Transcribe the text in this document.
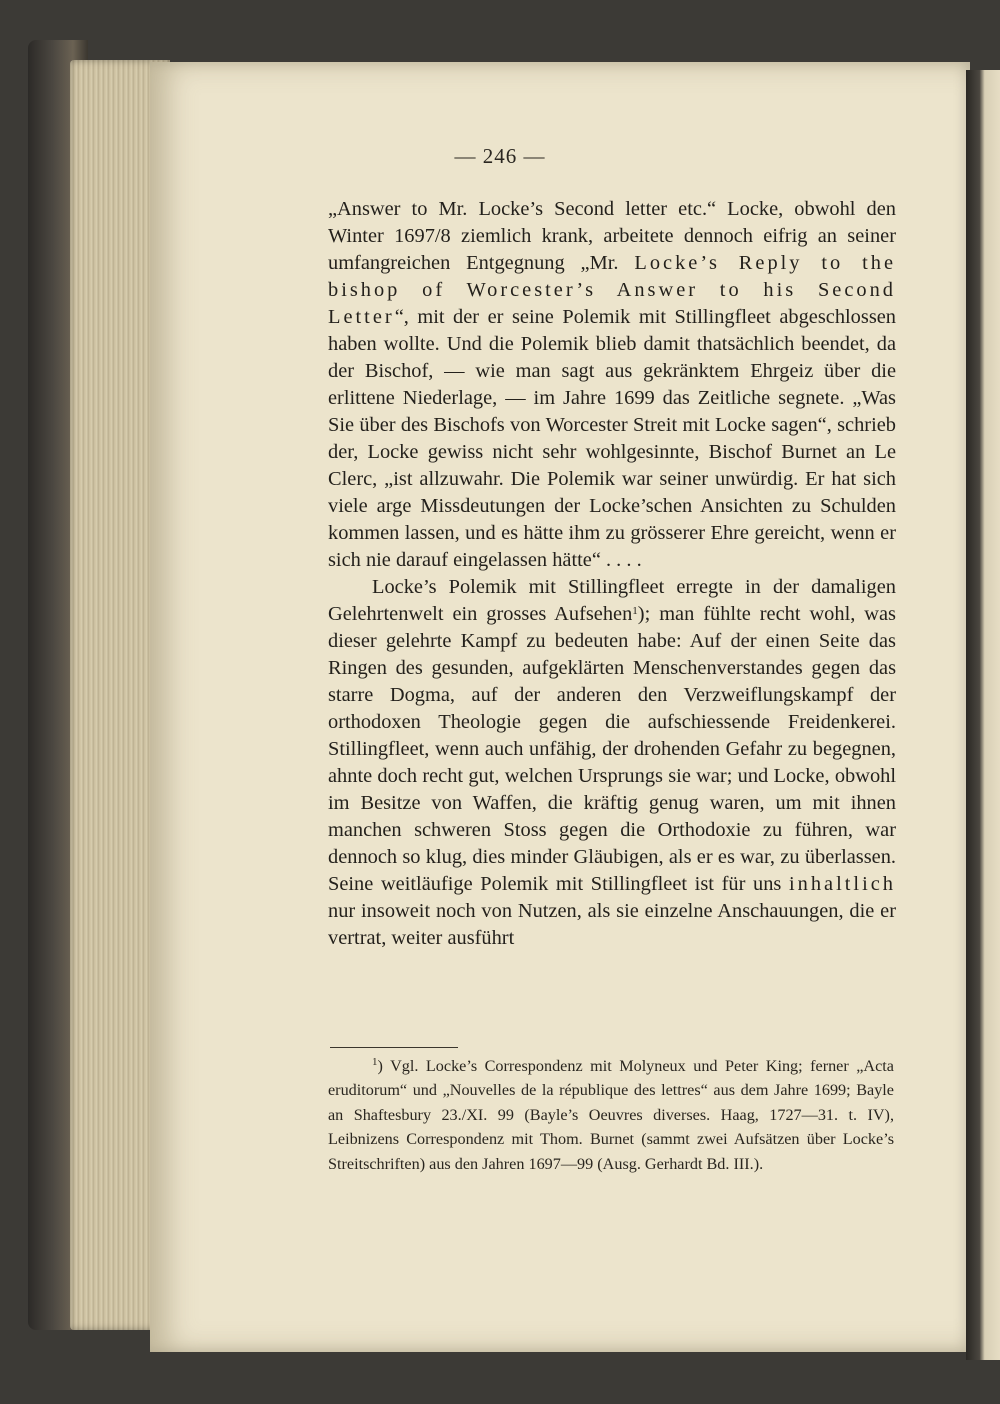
— 246 —

„Answer to Mr. Locke’s Second letter etc.“ Locke, obwohl den Winter 1697/8 ziemlich krank, arbeitete dennoch eifrig an seiner umfangreichen Entgegnung „Mr. Locke’s Reply to the bishop of Worcester’s Answer to his Second Letter“, mit der er seine Polemik mit Stillingfleet abgeschlossen haben wollte. Und die Polemik blieb damit thatsächlich beendet, da der Bischof, — wie man sagt aus gekränktem Ehrgeiz über die erlittene Niederlage, — im Jahre 1699 das Zeitliche segnete. „Was Sie über des Bischofs von Worcester Streit mit Locke sagen“, schrieb der, Locke gewiss nicht sehr wohlgesinnte, Bischof Burnet an Le Clerc, „ist allzuwahr. Die Polemik war seiner unwürdig. Er hat sich viele arge Missdeutungen der Locke’schen Ansichten zu Schulden kommen lassen, und es hätte ihm zu grösserer Ehre gereicht, wenn er sich nie darauf eingelassen hätte“ . . . .

Locke’s Polemik mit Stillingfleet erregte in der damaligen Gelehrtenwelt ein grosses Aufsehen$^1$); man fühlte recht wohl, was dieser gelehrte Kampf zu bedeuten habe: Auf der einen Seite das Ringen des gesunden, aufgeklärten Menschenverstandes gegen das starre Dogma, auf der anderen den Verzweiflungskampf der orthodoxen Theologie gegen die aufschiessende Freidenkerei. Stillingfleet, wenn auch unfähig, der drohenden Gefahr zu begegnen, ahnte doch recht gut, welchen Ursprungs sie war; und Locke, obwohl im Besitze von Waffen, die kräftig genug waren, um mit ihnen manchen schweren Stoss gegen die Orthodoxie zu führen, war dennoch so klug, dies minder Gläubigen, als er es war, zu überlassen. Seine weitläufige Polemik mit Stillingfleet ist für uns inhaltlich nur insoweit noch von Nutzen, als sie einzelne Anschauungen, die er vertrat, weiter ausführt

$^1$) Vgl. Locke’s Correspondenz mit Molyneux und Peter King; ferner „Acta eruditorum“ und „Nouvelles de la république des lettres“ aus dem Jahre 1699; Bayle an Shaftesbury 23./XI. 99 (Bayle’s Oeuvres diverses. Haag, 1727—31. t. IV), Leibnizens Correspondenz mit Thom. Burnet (sammt zwei Aufsätzen über Locke’s Streitschriften) aus den Jahren 1697—99 (Ausg. Gerhardt Bd. III.).
